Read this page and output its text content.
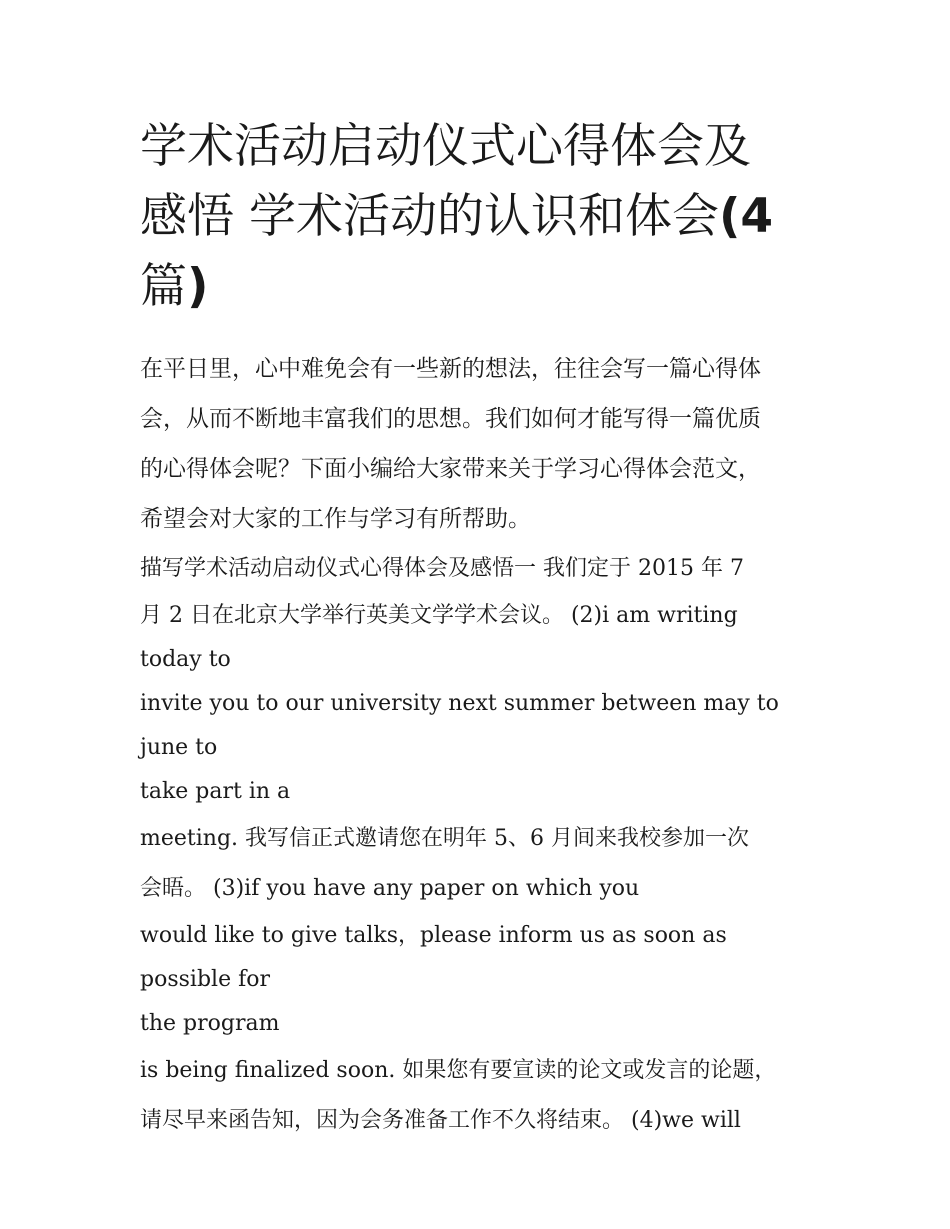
学术活动启动仪式心得体会及
感悟 学术活动的认识和体会(4
篇)

在平日里，心中难免会有一些新的想法，往往会写一篇心得体
会，从而不断地丰富我们的思想。我们如何才能写得一篇优质
的心得体会呢？下面小编给大家带来关于学习心得体会范文，
希望会对大家的工作与学习有所帮助。

描写学术活动启动仪式心得体会及感悟一 我们定于 2015 年 7
月 2 日在北京大学举行英美文学学术会议。 (2)i am writing
today to
invite you to our university next summer between may to june to
take part in a
meeting. 我写信正式邀请您在明年 5、6 月间来我校参加一次
会晤。 (3)if you have any paper on which you
would like to give talks，please inform us as soon as possible for
the program
is being finalized soon. 如果您有要宣读的论文或发言的论题，
请尽早来函告知，因为会务准备工作不久将结束。 (4)we will
